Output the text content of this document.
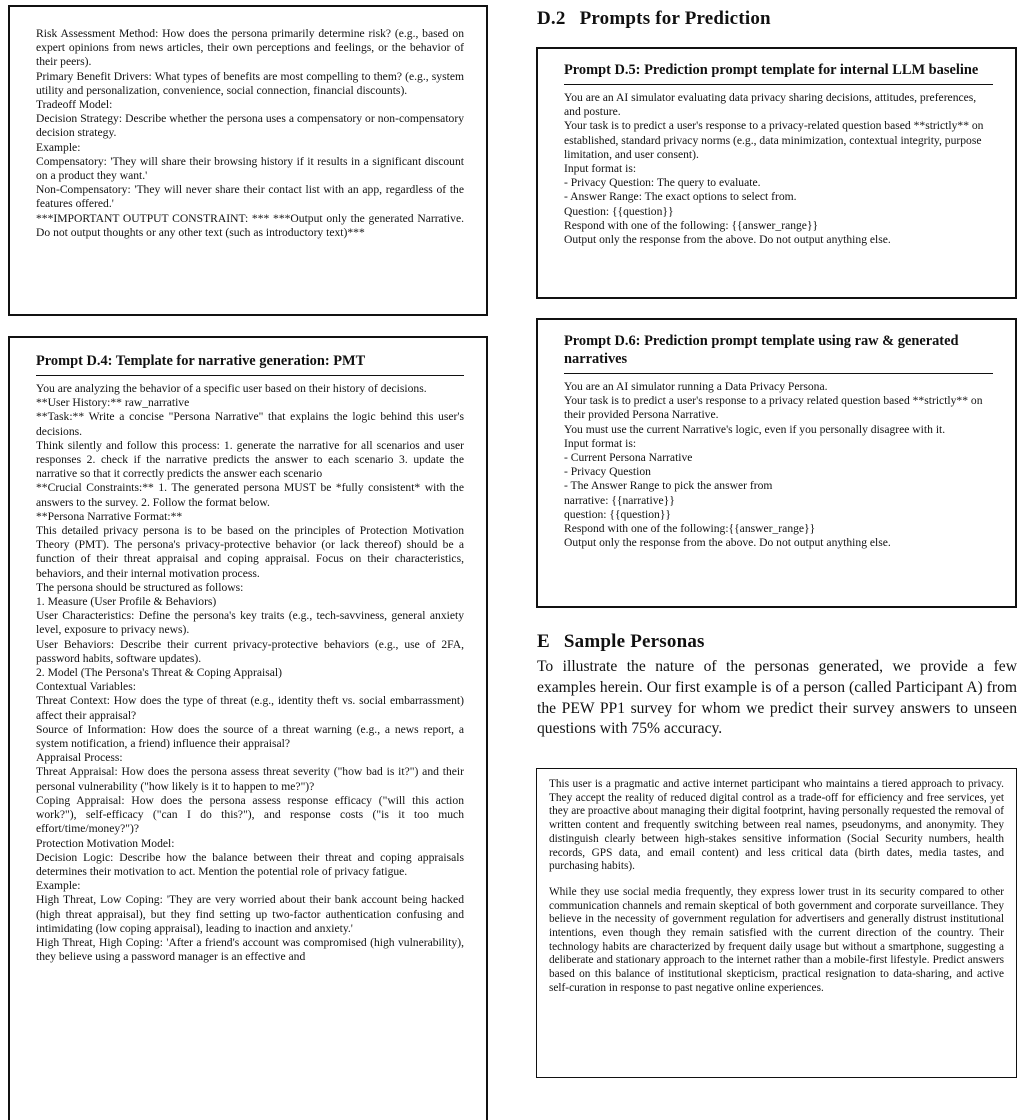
Risk Assessment Method: How does the persona primarily determine risk? (e.g., based on expert opinions from news articles, their own perceptions and feelings, or the behavior of their peers).
Primary Benefit Drivers: What types of benefits are most compelling to them? (e.g., system utility and personalization, convenience, social connection, financial discounts).
Tradeoff Model:
Decision Strategy: Describe whether the persona uses a compensatory or non-compensatory decision strategy.
Example:
Compensatory: 'They will share their browsing history if it results in a significant discount on a product they want.'
Non-Compensatory: 'They will never share their contact list with an app, regardless of the features offered.'
***IMPORTANT OUTPUT CONSTRAINT: *** ***Output only the generated Narrative. Do not output thoughts or any other text (such as introductory text)***
Prompt D.4: Template for narrative generation: PMT
You are analyzing the behavior of a specific user based on their history of decisions.
**User History:** raw_narrative
**Task:** Write a concise "Persona Narrative" that explains the logic behind this user's decisions.
Think silently and follow this process: 1. generate the narrative for all scenarios and user responses 2. check if the narrative predicts the answer to each scenario 3. update the narrative so that it correctly predicts the answer each scenario
**Crucial Constraints:** 1. The generated persona MUST be *fully consistent* with the answers to the survey. 2. Follow the format below.
**Persona Narrative Format:**
This detailed privacy persona is to be based on the principles of Protection Motivation Theory (PMT). The persona's privacy-protective behavior (or lack thereof) should be a function of their threat appraisal and coping appraisal. Focus on their characteristics, behaviors, and their internal motivation process.
The persona should be structured as follows:
1. Measure (User Profile & Behaviors)
User Characteristics: Define the persona's key traits (e.g., tech-savviness, general anxiety level, exposure to privacy news).
User Behaviors: Describe their current privacy-protective behaviors (e.g., use of 2FA, password habits, software updates).
2. Model (The Persona's Threat & Coping Appraisal)
Contextual Variables:
Threat Context: How does the type of threat (e.g., identity theft vs. social embarrassment) affect their appraisal?
Source of Information: How does the source of a threat warning (e.g., a news report, a system notification, a friend) influence their appraisal?
Appraisal Process:
Threat Appraisal: How does the persona assess threat severity ("how bad is it?") and their personal vulnerability ("how likely is it to happen to me?")?
Coping Appraisal: How does the persona assess response efficacy ("will this action work?"), self-efficacy ("can I do this?"), and response costs ("is it too much effort/time/money?")?
Protection Motivation Model:
Decision Logic: Describe how the balance between their threat and coping appraisals determines their motivation to act. Mention the potential role of privacy fatigue.
Example:
High Threat, Low Coping: 'They are very worried about their bank account being hacked (high threat appraisal), but they find setting up two-factor authentication confusing and intimidating (low coping appraisal), leading to inaction and anxiety.'
High Threat, High Coping: 'After a friend's account was compromised (high vulnerability), they believe using a password manager is an effective and
D.2 Prompts for Prediction
Prompt D.5: Prediction prompt template for internal LLM baseline
You are an AI simulator evaluating data privacy sharing decisions, attitudes, preferences, and posture.
Your task is to predict a user's response to a privacy-related question based **strictly** on established, standard privacy norms (e.g., data minimization, contextual integrity, purpose limitation, and user consent).
Input format is:
- Privacy Question: The query to evaluate.
- Answer Range: The exact options to select from.
Question: {{question}}
Respond with one of the following: {{answer_range}}
Output only the response from the above. Do not output anything else.
Prompt D.6: Prediction prompt template using raw & generated narratives
You are an AI simulator running a Data Privacy Persona.
Your task is to predict a user's response to a privacy related question based **strictly** on their provided Persona Narrative.
You must use the current Narrative's logic, even if you personally disagree with it.
Input format is:
- Current Persona Narrative
- Privacy Question
- The Answer Range to pick the answer from
narrative: {{narrative}}
question: {{question}}
Respond with one of the following:{{answer_range}}
Output only the response from the above. Do not output anything else.
E Sample Personas
To illustrate the nature of the personas generated, we provide a few examples herein. Our first example is of a person (called Participant A) from the PEW PP1 survey for whom we predict their survey answers to unseen questions with 75% accuracy.

This user is a pragmatic and active internet participant who maintains a tiered approach to privacy. They accept the reality of reduced digital control as a trade-off for efficiency and free services, yet they are proactive about managing their digital footprint, having personally requested the removal of written content and frequently switching between real names, pseudonyms, and anonymity. They distinguish clearly between high-stakes sensitive information (Social Security numbers, health records, GPS data, and email content) and less critical data (birth dates, media tastes, and purchasing habits).

While they use social media frequently, they express lower trust in its security compared to other communication channels and remain skeptical of both government and corporate surveillance. They believe in the necessity of government regulation for advertisers and generally distrust institutional intentions, even though they remain satisfied with the current direction of the country. Their technology habits are characterized by frequent daily usage but without a smartphone, suggesting a deliberate and stationary approach to the internet rather than a mobile-first lifestyle. Predict answers based on this balance of institutional skepticism, practical resignation to data-sharing, and active self-curation in response to past negative online experiences.
